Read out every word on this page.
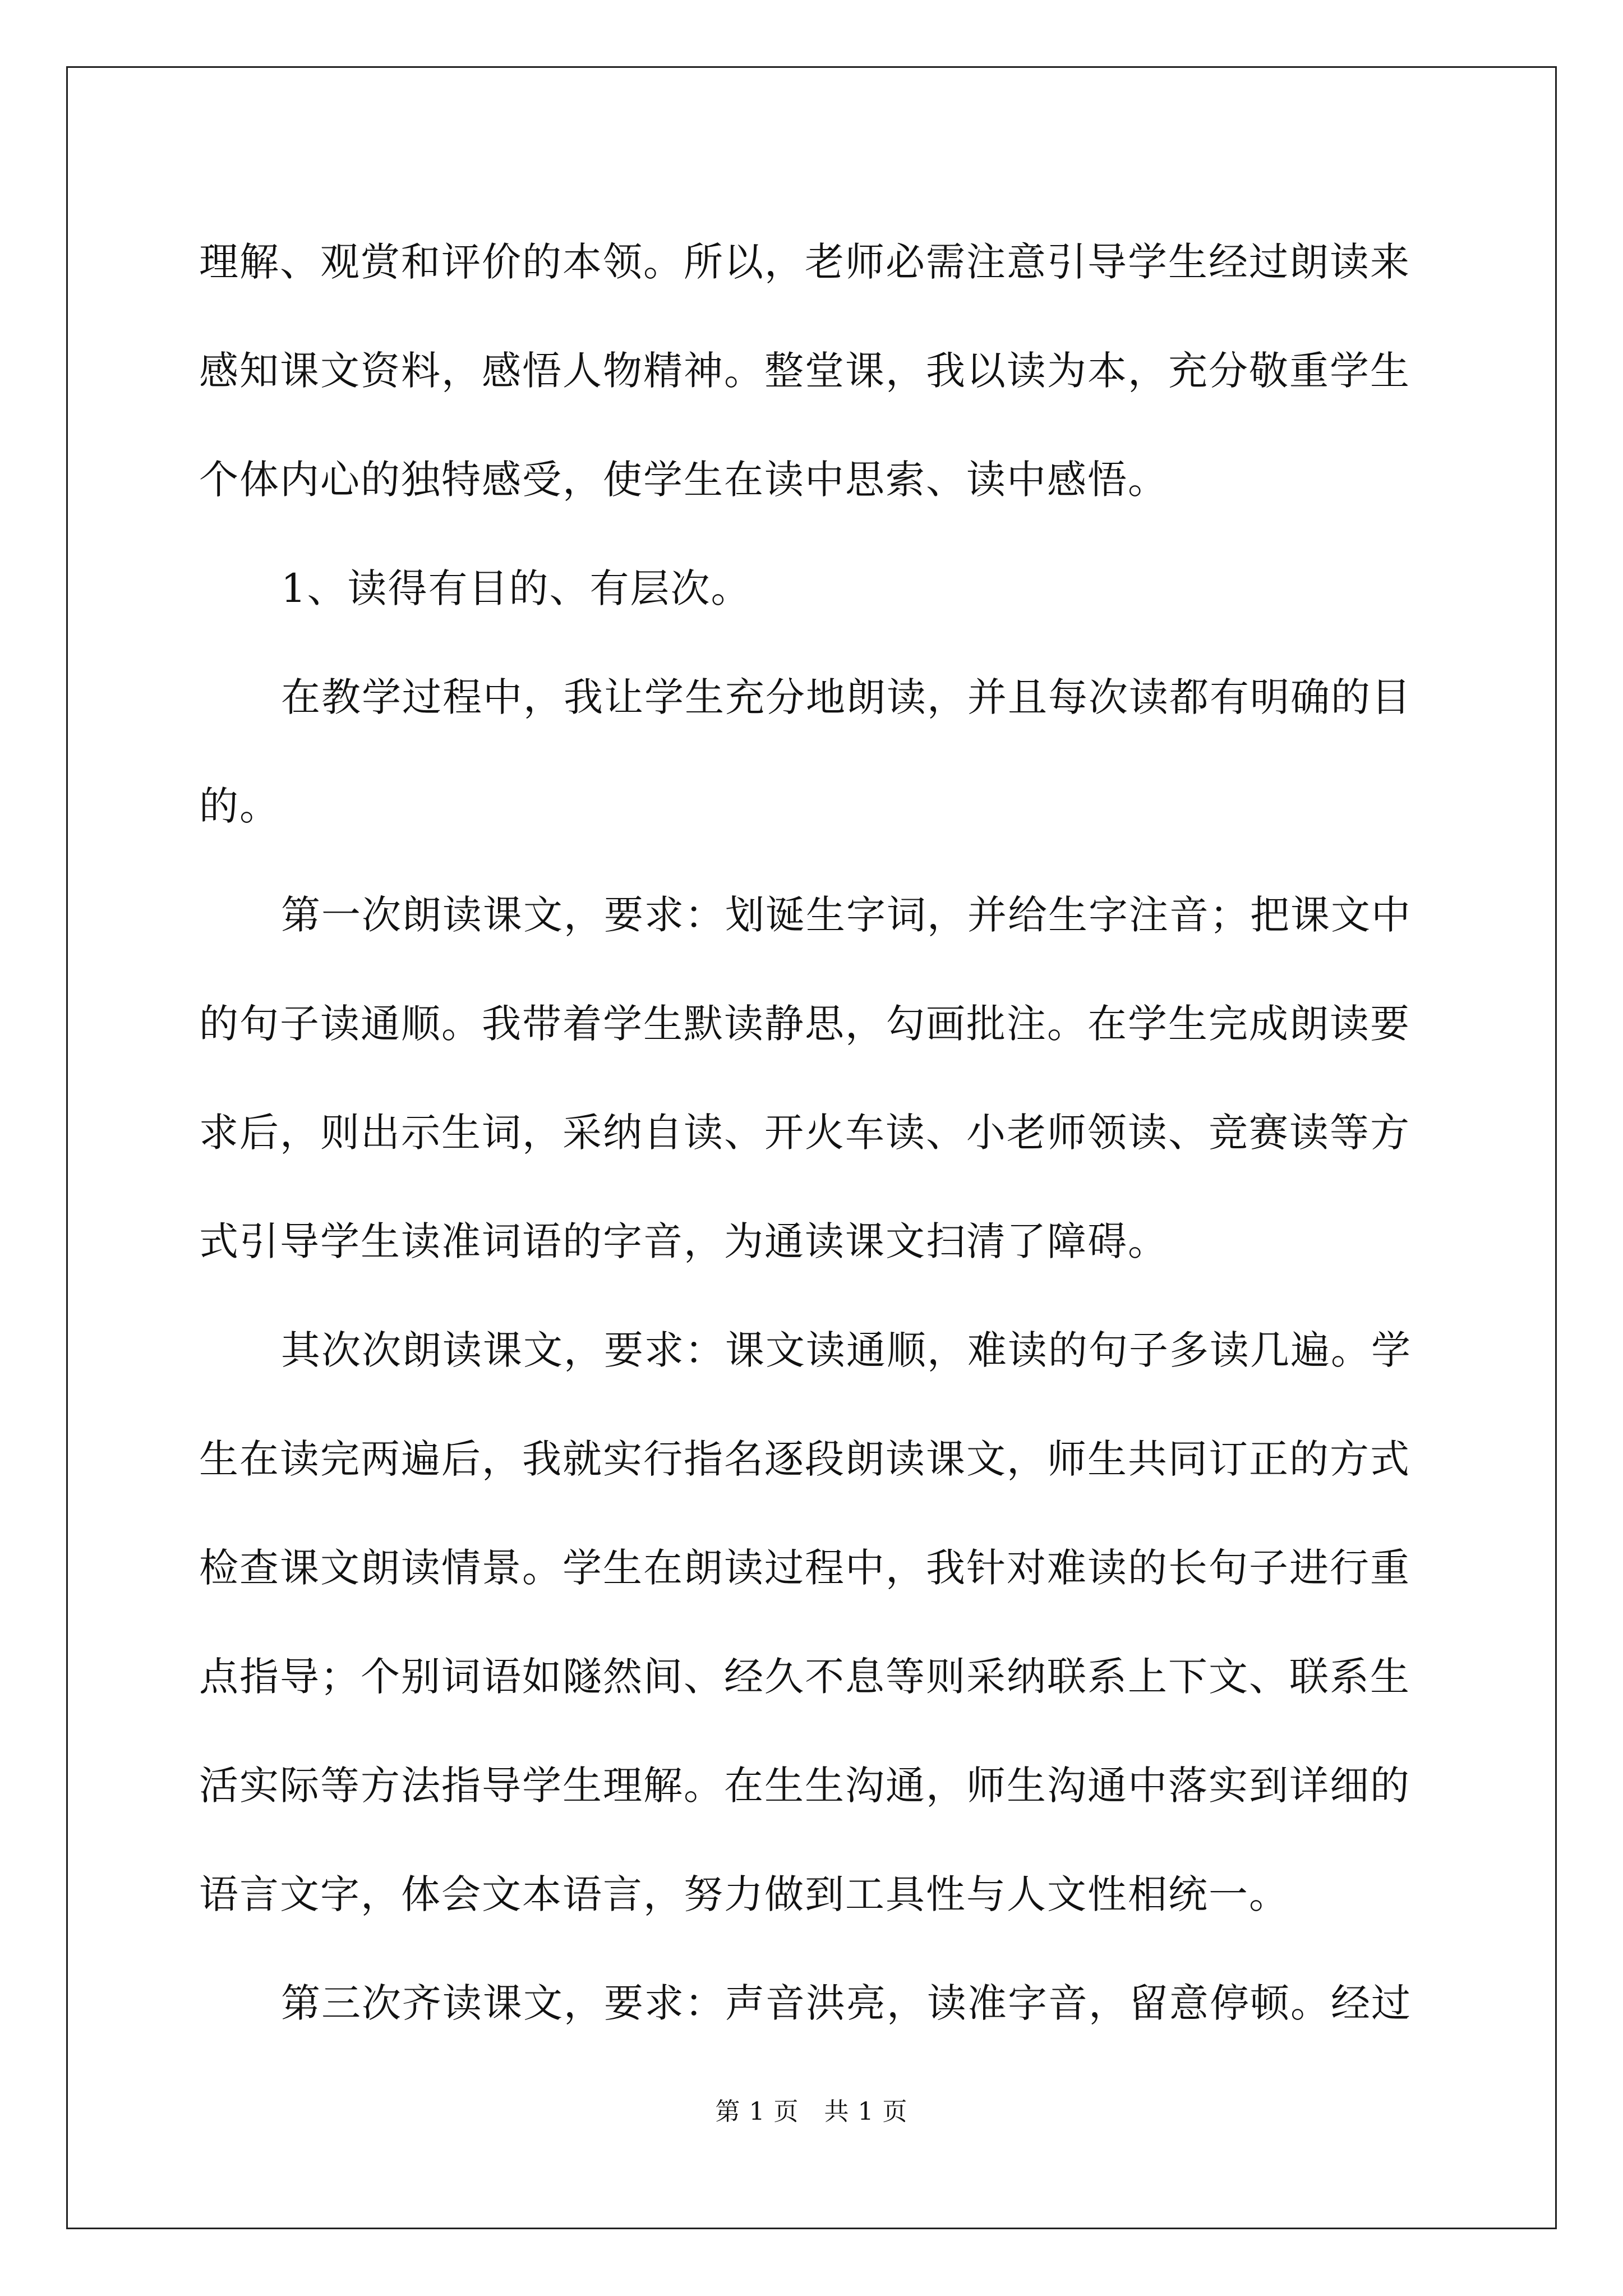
理解、观赏和评价的本领。所以，老师必需注意引导学生经过朗读来
感知课文资料，感悟人物精神。整堂课，我以读为本，充分敬重学生
个体内心的独特感受，使学生在读中思索、读中感悟。
1、读得有目的、有层次。
在教学过程中，我让学生充分地朗读，并且每次读都有明确的目
的。
第一次朗读课文，要求：划诞生字词，并给生字注音；把课文中
的句子读通顺。我带着学生默读静思，勾画批注。在学生完成朗读要
求后，则出示生词，采纳自读、开火车读、小老师领读、竞赛读等方
式引导学生读准词语的字音，为通读课文扫清了障碍。
其次次朗读课文，要求：课文读通顺，难读的句子多读几遍。学
生在读完两遍后，我就实行指名逐段朗读课文，师生共同订正的方式
检查课文朗读情景。学生在朗读过程中，我针对难读的长句子进行重
点指导；个别词语如隧然间、经久不息等则采纳联系上下文、联系生
活实际等方法指导学生理解。在生生沟通，师生沟通中落实到详细的
语言文字，体会文本语言，努力做到工具性与人文性相统一。
第三次齐读课文，要求：声音洪亮，读准字音，留意停顿。经过
第 1 页　共 1 页
